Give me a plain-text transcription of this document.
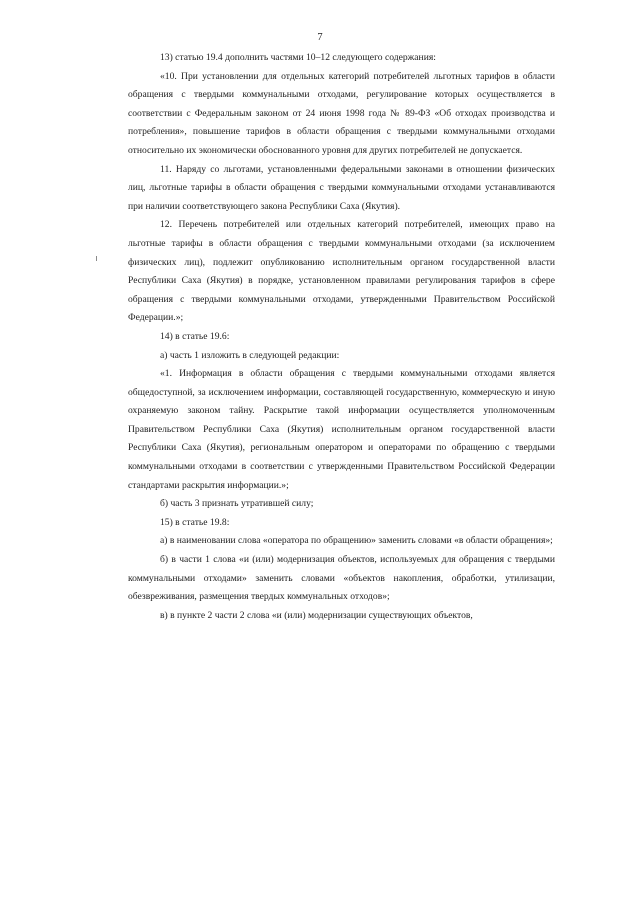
7

13) статью 19.4 дополнить частями 10–12 следующего содержания:

«10. При установлении для отдельных категорий потребителей льготных тарифов в области обращения с твердыми коммунальными отходами, регулирование которых осуществляется в соответствии с Федеральным законом от 24 июня 1998 года № 89-ФЗ «Об отходах производства и потребления», повышение тарифов в области обращения с твердыми коммунальными отходами относительно их экономически обоснованного уровня для других потребителей не допускается.

11. Наряду со льготами, установленными федеральными законами в отношении физических лиц, льготные тарифы в области обращения с твердыми коммунальными отходами устанавливаются при наличии соответствующего закона Республики Саха (Якутия).

12. Перечень потребителей или отдельных категорий потребителей, имеющих право на льготные тарифы в области обращения с твердыми коммунальными отходами (за исключением физических лиц), подлежит опубликованию исполнительным органом государственной власти Республики Саха (Якутия) в порядке, установленном правилами регулирования тарифов в сфере обращения с твердыми коммунальными отходами, утвержденными Правительством Российской Федерации.»;

14) в статье 19.6:

а) часть 1 изложить в следующей редакции:

«1. Информация в области обращения с твердыми коммунальными отходами является общедоступной, за исключением информации, составляющей государственную, коммерческую и иную охраняемую законом тайну. Раскрытие такой информации осуществляется уполномоченным Правительством Республики Саха (Якутия) исполнительным органом государственной власти Республики Саха (Якутия), региональным оператором и операторами по обращению с твердыми коммунальными отходами в соответствии с утвержденными Правительством Российской Федерации стандартами раскрытия информации.»;

б) часть 3 признать утратившей силу;

15) в статье 19.8:

а) в наименовании слова «оператора по обращению» заменить словами «в области обращения»;

б) в части 1 слова «и (или) модернизация объектов, используемых для обращения с твердыми коммунальными отходами» заменить словами «объектов накопления, обработки, утилизации, обезвреживания, размещения твердых коммунальных отходов»;

в) в пункте 2 части 2 слова «и (или) модернизации существующих объектов,
